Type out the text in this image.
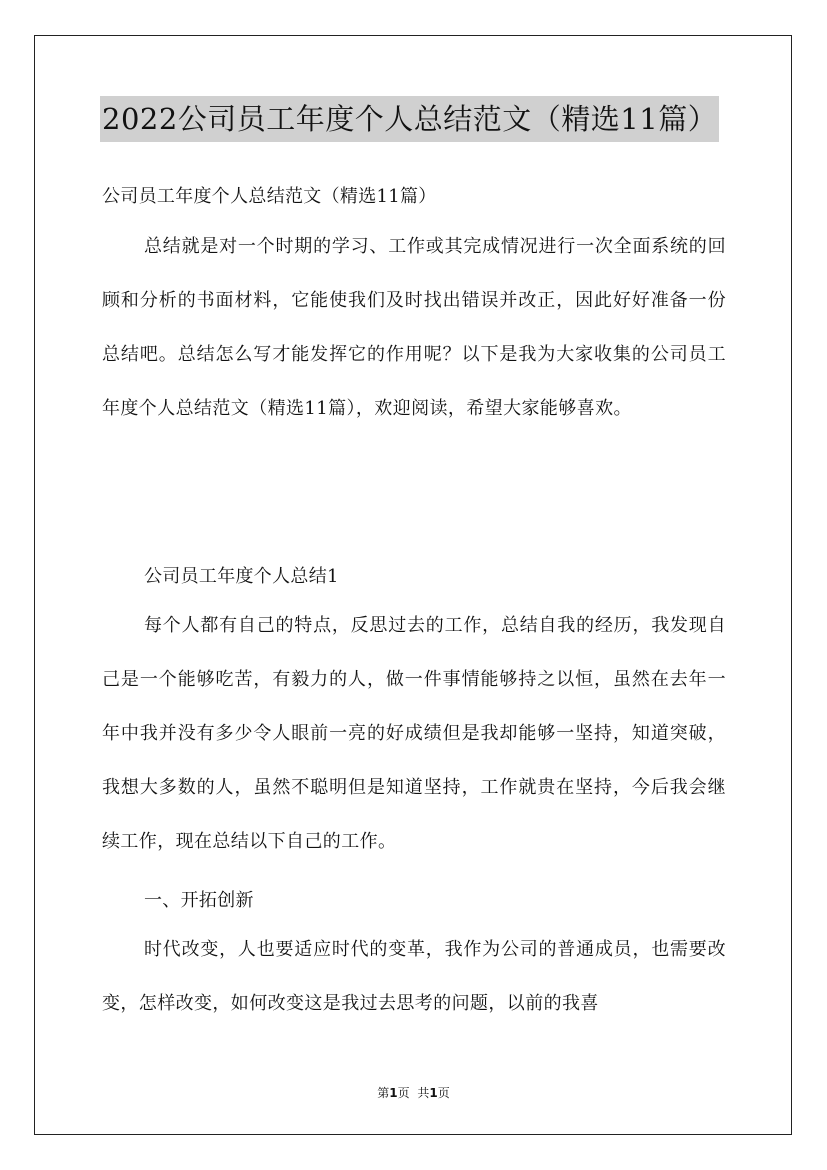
2022公司员工年度个人总结范文（精选11篇）
公司员工年度个人总结范文（精选11篇）

总结就是对一个时期的学习、工作或其完成情况进行一次全面系统的回顾和分析的书面材料，它能使我们及时找出错误并改正，因此好好准备一份总结吧。总结怎么写才能发挥它的作用呢？以下是我为大家收集的公司员工年度个人总结范文（精选11篇），欢迎阅读，希望大家能够喜欢。

公司员工年度个人总结1

每个人都有自己的特点，反思过去的工作，总结自我的经历，我发现自己是一个能够吃苦，有毅力的人，做一件事情能够持之以恒，虽然在去年一年中我并没有多少令人眼前一亮的好成绩但是我却能够一坚持，知道突破，我想大多数的人，虽然不聪明但是知道坚持，工作就贵在坚持，今后我会继续工作，现在总结以下自己的工作。

一、开拓创新

时代改变，人也要适应时代的变革，我作为公司的普通成员，也需要改变，怎样改变，如何改变这是我过去思考的问题，以前的我喜

第1页 共1页
